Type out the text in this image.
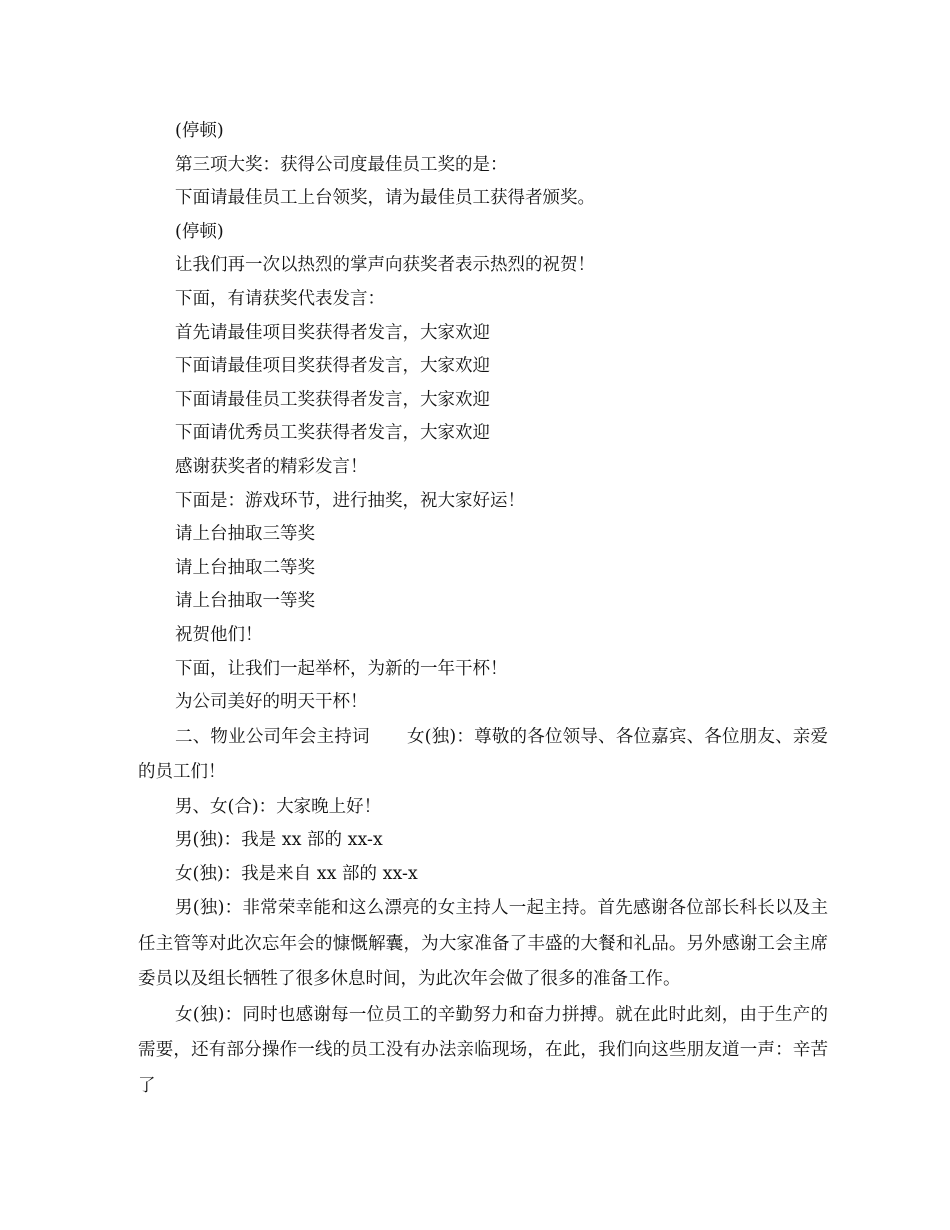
(停顿)
第三项大奖：获得公司度最佳员工奖的是：
下面请最佳员工上台领奖，请为最佳员工获得者颁奖。
(停顿)
让我们再一次以热烈的掌声向获奖者表示热烈的祝贺！
下面，有请获奖代表发言：
首先请最佳项目奖获得者发言，大家欢迎
下面请最佳项目奖获得者发言，大家欢迎
下面请最佳员工奖获得者发言，大家欢迎
下面请优秀员工奖获得者发言，大家欢迎
感谢获奖者的精彩发言！
下面是：游戏环节，进行抽奖，祝大家好运！
请上台抽取三等奖
请上台抽取二等奖
请上台抽取一等奖
祝贺他们！
下面，让我们一起举杯，为新的一年干杯！
为公司美好的明天干杯！

二、物业公司年会主持词 女(独)：尊敬的各位领导、各位嘉宾、各位朋友、亲爱的员工们！

男、女(合)：大家晚上好！
男(独)：我是 xx 部的 xx-x
女(独)：我是来自 xx 部的 xx-x

男(独)：非常荣幸能和这么漂亮的女主持人一起主持。首先感谢各位部长科长以及主任主管等对此次忘年会的慷慨解囊，为大家准备了丰盛的大餐和礼品。另外感谢工会主席委员以及组长牺牲了很多休息时间，为此次年会做了很多的准备工作。

女(独)：同时也感谢每一位员工的辛勤努力和奋力拼搏。就在此时此刻，由于生产的需要，还有部分操作一线的员工没有办法亲临现场，在此，我们向这些朋友道一声：辛苦了
